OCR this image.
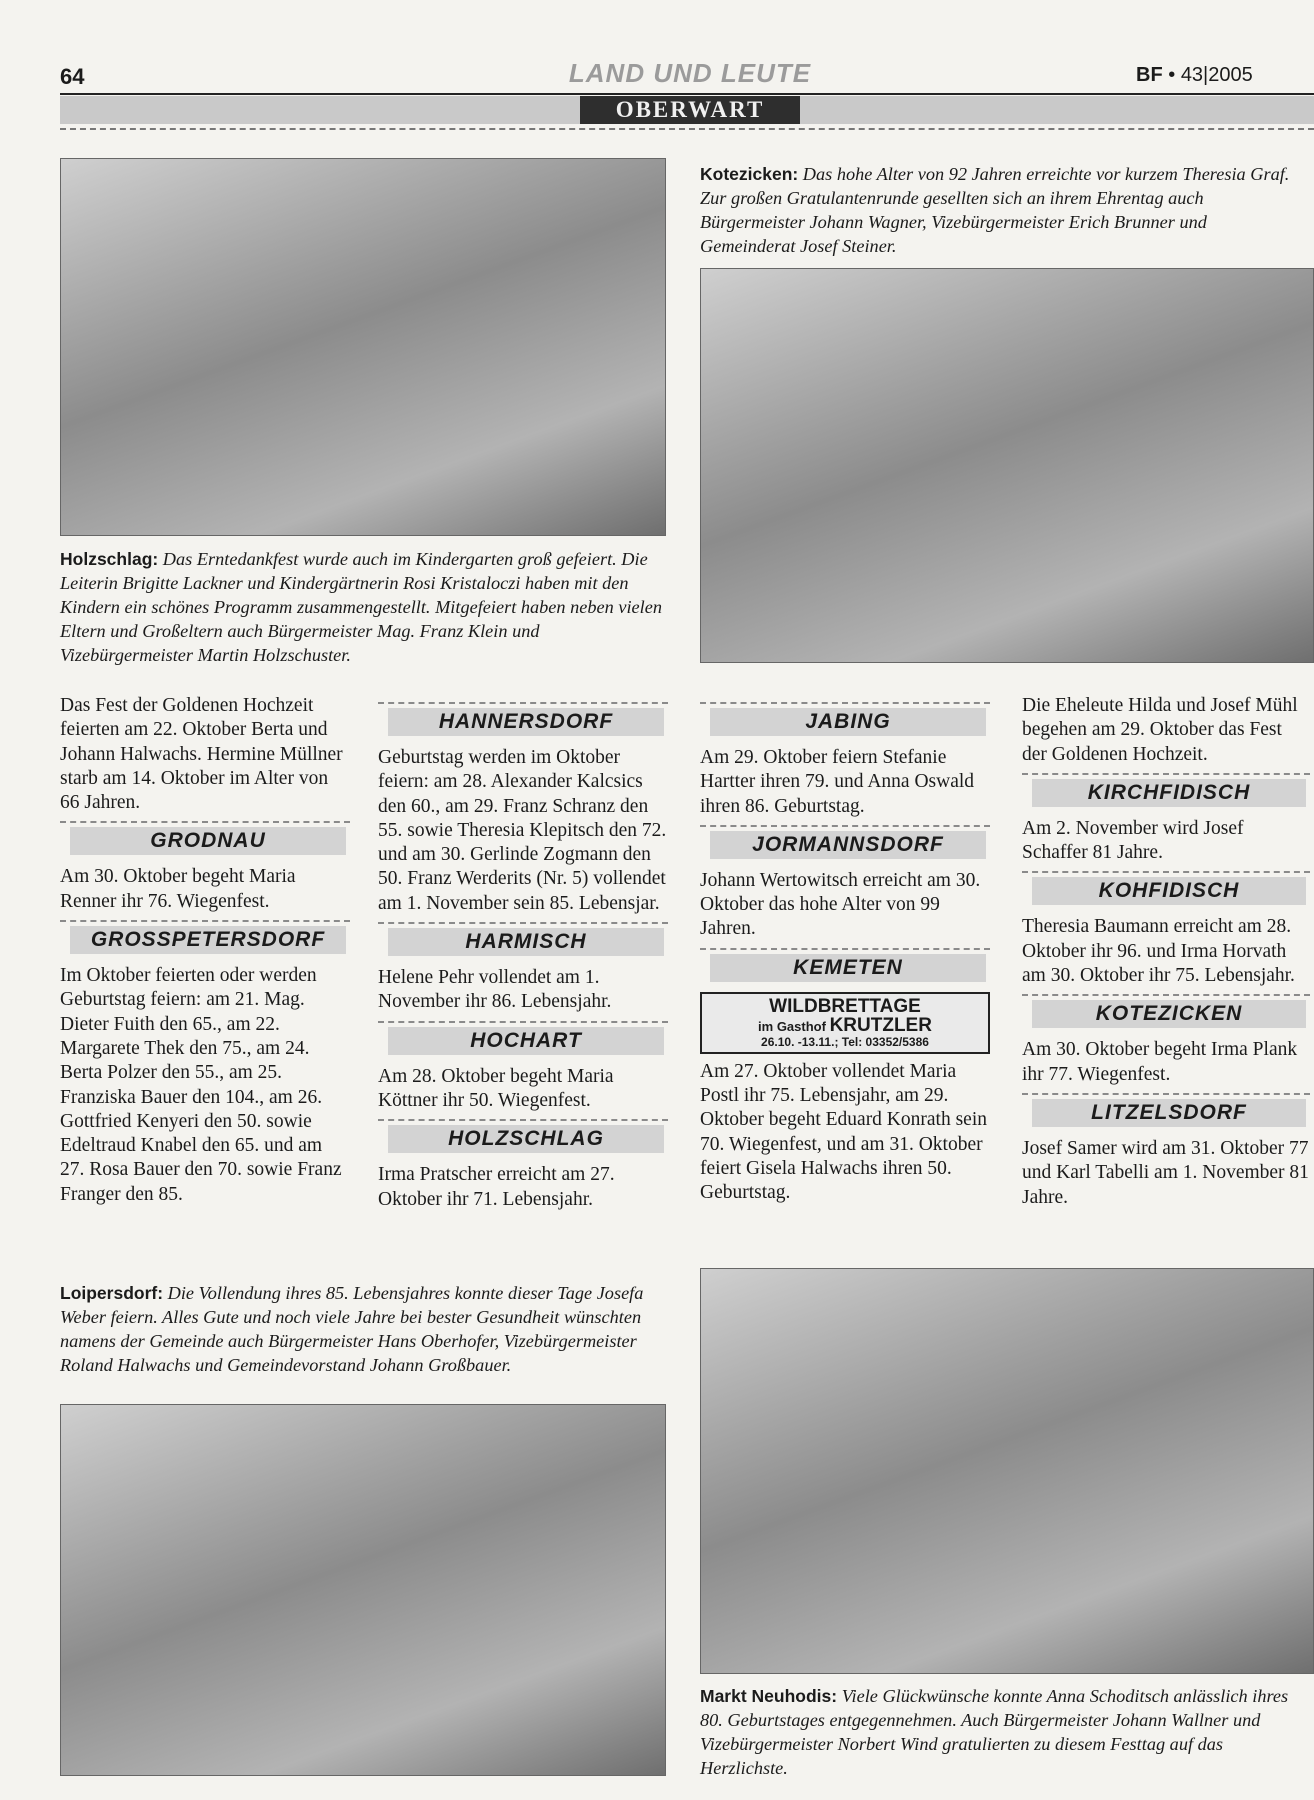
64	LAND UND LEUTE	BF • 43|2005
OBERWART
Holzschlag: Das Erntedankfest wurde auch im Kindergarten groß gefeiert. Die Leiterin Brigitte Lackner und Kindergärtnerin Rosi Kristaloczi haben mit den Kindern ein schönes Programm zusammengestellt. Mitgefeiert haben neben vielen Eltern und Großeltern auch Bürgermeister Mag. Franz Klein und Vizebürgermeister Martin Holzschuster.
Kotezicken: Das hohe Alter von 92 Jahren erreichte vor kurzem Theresia Graf. Zur großen Gratulantenrunde gesellten sich an ihrem Ehrentag auch Bürgermeister Johann Wagner, Vizebürgermeister Erich Brunner und Gemeinderat Josef Steiner.

Das Fest der Goldenen Hochzeit feierten am 22. Oktober Berta und Johann Halwachs. Hermine Müllner starb am 14. Oktober im Alter von 66 Jahren.

GRODNAU

Am 30. Oktober begeht Maria Renner ihr 76. Wiegenfest.

GROSSPETERSDORF

Im Oktober feierten oder werden Geburtstag feiern: am 21. Mag. Dieter Fuith den 65., am 22. Margarete Thek den 75., am 24. Berta Polzer den 55., am 25. Franziska Bauer den 104., am 26. Gottfried Kenyeri den 50. sowie Edeltraud Knabel den 65. und am 27. Rosa Bauer den 70. sowie Franz Franger den 85.

HANNERSDORF

Geburtstag werden im Oktober feiern: am 28. Alexander Kalcsics den 60., am 29. Franz Schranz den 55. sowie Theresia Klepitsch den 72. und am 30. Gerlinde Zogmann den 50. Franz Werderits (Nr. 5) vollendet am 1. November sein 85. Lebensjar.

HARMISCH

Helene Pehr vollendet am 1. November ihr 86. Lebensjahr.

HOCHART

Am 28. Oktober begeht Maria Köttner ihr 50. Wiegenfest.

HOLZSCHLAG

Irma Pratscher erreicht am 27. Oktober ihr 71. Lebensjahr.

JABING

Am 29. Oktober feiern Stefanie Hartter ihren 79. und Anna Oswald ihren 86. Geburtstag.

JORMANNSDORF

Johann Wertowitsch erreicht am 30. Oktober das hohe Alter von 99 Jahren.

KEMETEN
WILDBRETTAGE
im Gasthof KRUTZLER
26.10. -13.11.; Tel: 03352/5386

Am 27. Oktober vollendet Maria Postl ihr 75. Lebensjahr, am 29. Oktober begeht Eduard Konrath sein 70. Wiegenfest, und am 31. Oktober feiert Gisela Halwachs ihren 50. Geburtstag.

Die Eheleute Hilda und Josef Mühl begehen am 29. Oktober das Fest der Goldenen Hochzeit.

KIRCHFIDISCH

Am 2. November wird Josef Schaffer 81 Jahre.

KOHFIDISCH

Theresia Baumann erreicht am 28. Oktober ihr 96. und Irma Horvath am 30. Oktober ihr 75. Lebensjahr.

KOTEZICKEN

Am 30. Oktober begeht Irma Plank ihr 77. Wiegenfest.

LITZELSDORF

Josef Samer wird am 31. Oktober 77 und Karl Tabelli am 1. November 81 Jahre.

Loipersdorf: Die Vollendung ihres 85. Lebensjahres konnte dieser Tage Josefa Weber feiern. Alles Gute und noch viele Jahre bei bester Gesundheit wünschten namens der Gemeinde auch Bürgermeister Hans Oberhofer, Vizebürgermeister Roland Halwachs und Gemeindevorstand Johann Großbauer.
Markt Neuhodis: Viele Glückwünsche konnte Anna Schoditsch anlässlich ihres 80. Geburtstages entgegennehmen. Auch Bürgermeister Johann Wallner und Vizebürgermeister Norbert Wind gratulierten zu diesem Festtag auf das Herzlichste.
